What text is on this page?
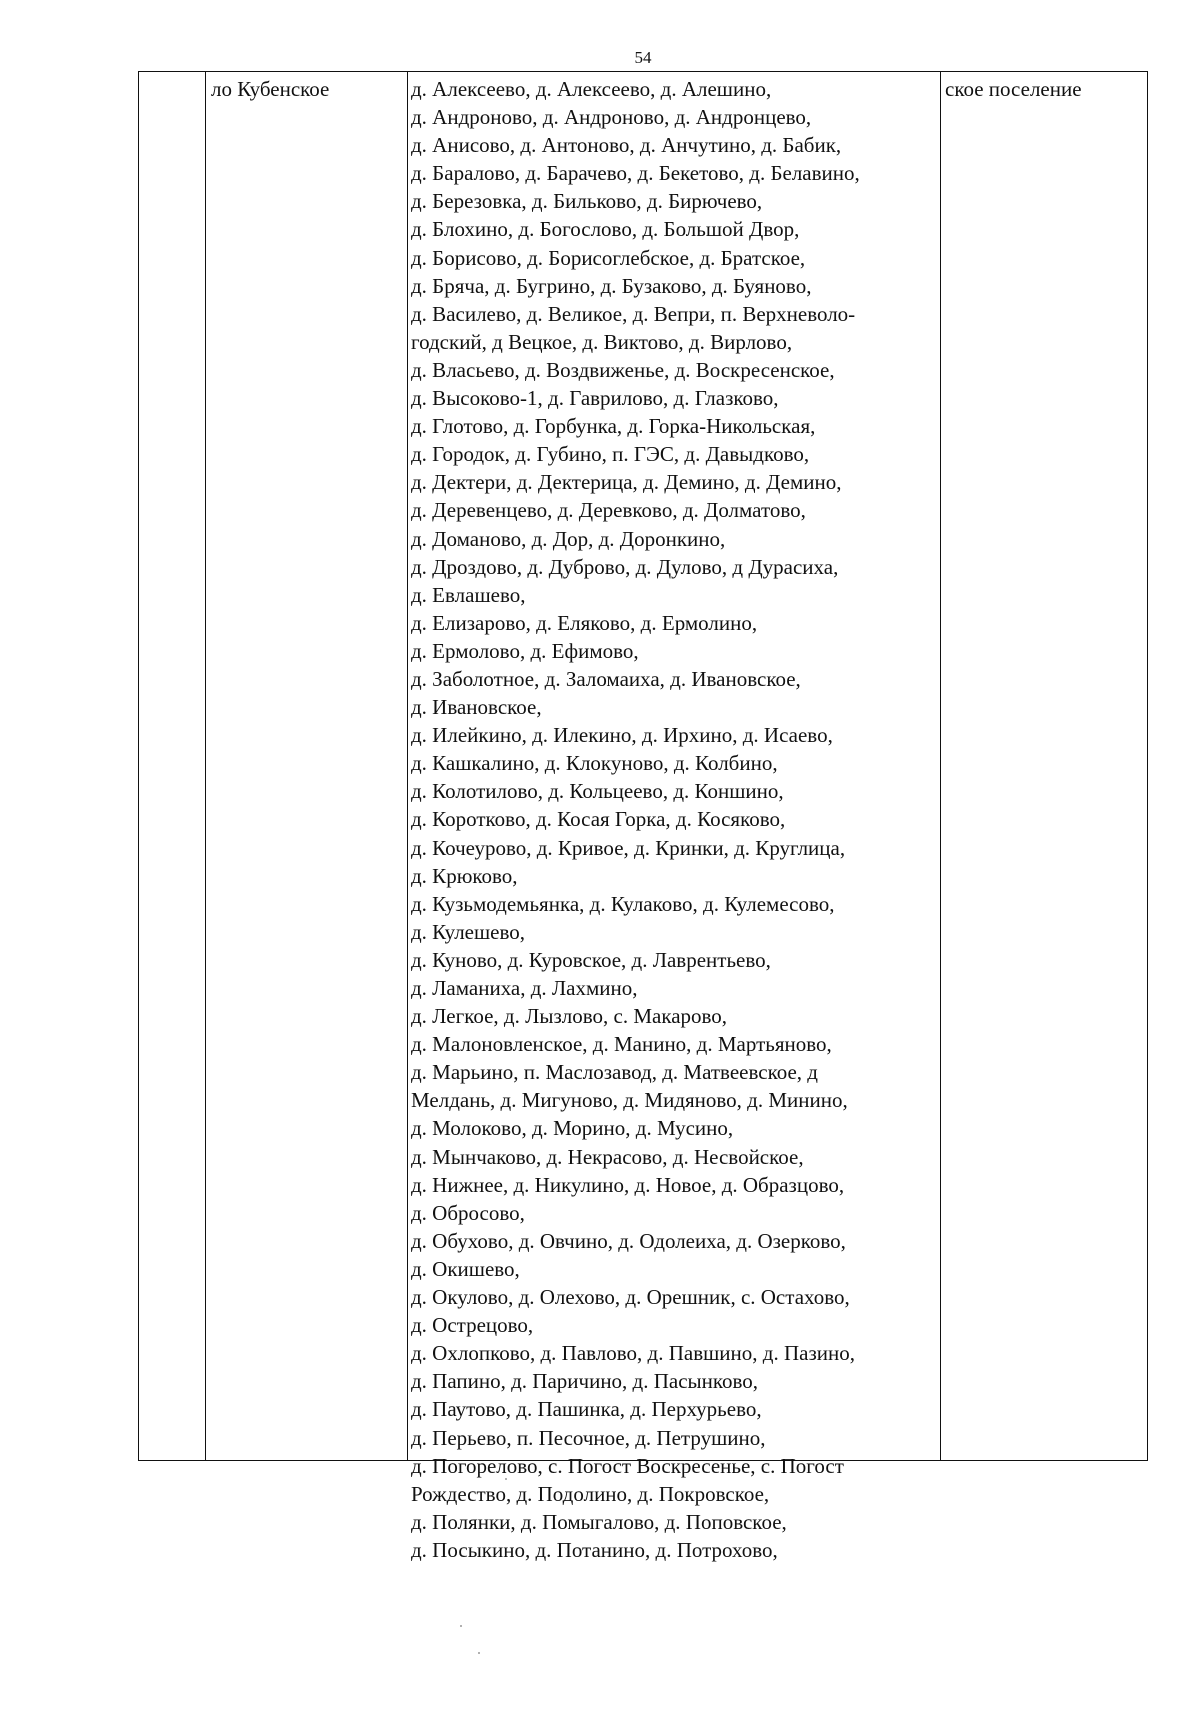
54
ло Кубенское	д. Алексеево, д. Алексеево, д. Алешино,
д. Андроново, д. Андроново, д. Андронцево,
д. Анисово, д. Антоново, д. Анчутино, д. Бабик,
д. Баралово, д. Барачево, д. Бекетово, д. Белавино,
д. Березовка, д. Бильково, д. Бирючево,
д. Блохино, д. Богослово, д. Большой Двор,
д. Борисово, д. Борисоглебское, д. Братское,
д. Бряча, д. Бугрино, д. Бузаково, д. Буяново,
д. Василево, д. Великое, д. Вепри, п. Верхневоло-
годский, д Вецкое, д. Виктово, д. Вирлово,
д. Власьево, д. Воздвиженье, д. Воскресенское,
д. Высоково-1, д. Гаврилово, д. Глазково,
д. Глотово, д. Горбунка, д. Горка-Никольская,
д. Городок, д. Губино, п. ГЭС, д. Давыдково,
д. Дектери, д. Дектерица, д. Демино, д. Демино,
д. Деревенцево, д. Деревково, д. Долматово,
д. Доманово, д. Дор, д. Доронкино,
д. Дроздово, д. Дуброво, д. Дулово, д Дурасиха,
д. Евлашево,
д. Елизарово, д. Еляково, д. Ермолино,
д. Ермолово, д. Ефимово,
д. Заболотное, д. Заломаиха, д. Ивановское,
д. Ивановское,
д. Илейкино, д. Илекино, д. Ирхино, д. Исаево,
д. Кашкалино, д. Клокуново, д. Колбино,
д. Колотилово, д. Кольцеево, д. Коншино,
д. Коротково, д. Косая Горка, д. Косяково,
д. Кочеурово, д. Кривое, д. Кринки, д. Круглица,
д. Крюково,
д. Кузьмодемьянка, д. Кулаково, д. Кулемесово,
д. Кулешево,
д. Куново, д. Куровское, д. Лаврентьево,
д. Ламаниха, д. Лахмино,
д. Легкое, д. Лызлово, с. Макарово,
д. Малоновленское, д. Манино, д. Мартьяново,
д. Марьино, п. Маслозавод, д. Матвеевское, д
Мелдань, д. Мигуново, д. Мидяново, д. Минино,
д. Молоково, д. Морино, д. Мусино,
д. Мынчаково, д. Некрасово, д. Несвойское,
д. Нижнее, д. Никулино, д. Новое, д. Образцово,
д. Обросово,
д. Обухово, д. Овчино, д. Одолеиха, д. Озерково,
д. Окишево,
д. Окулово, д. Олехово, д. Орешник, с. Остахово,
д. Острецово,
д. Охлопково, д. Павлово, д. Павшино, д. Пазино,
д. Папино, д. Паричино, д. Пасынково,
д. Паутово, д. Пашинка, д. Перхурьево,
д. Перьево, п. Песочное, д. Петрушино,
д. Погорелово, с. Погост Воскресенье, с. Погост
Рождество, д. Подолино, д. Покровское,
д. Полянки, д. Помыгалово, д. Поповское,
д. Посыкино, д. Потанино, д. Потрохово,
ское поселение
